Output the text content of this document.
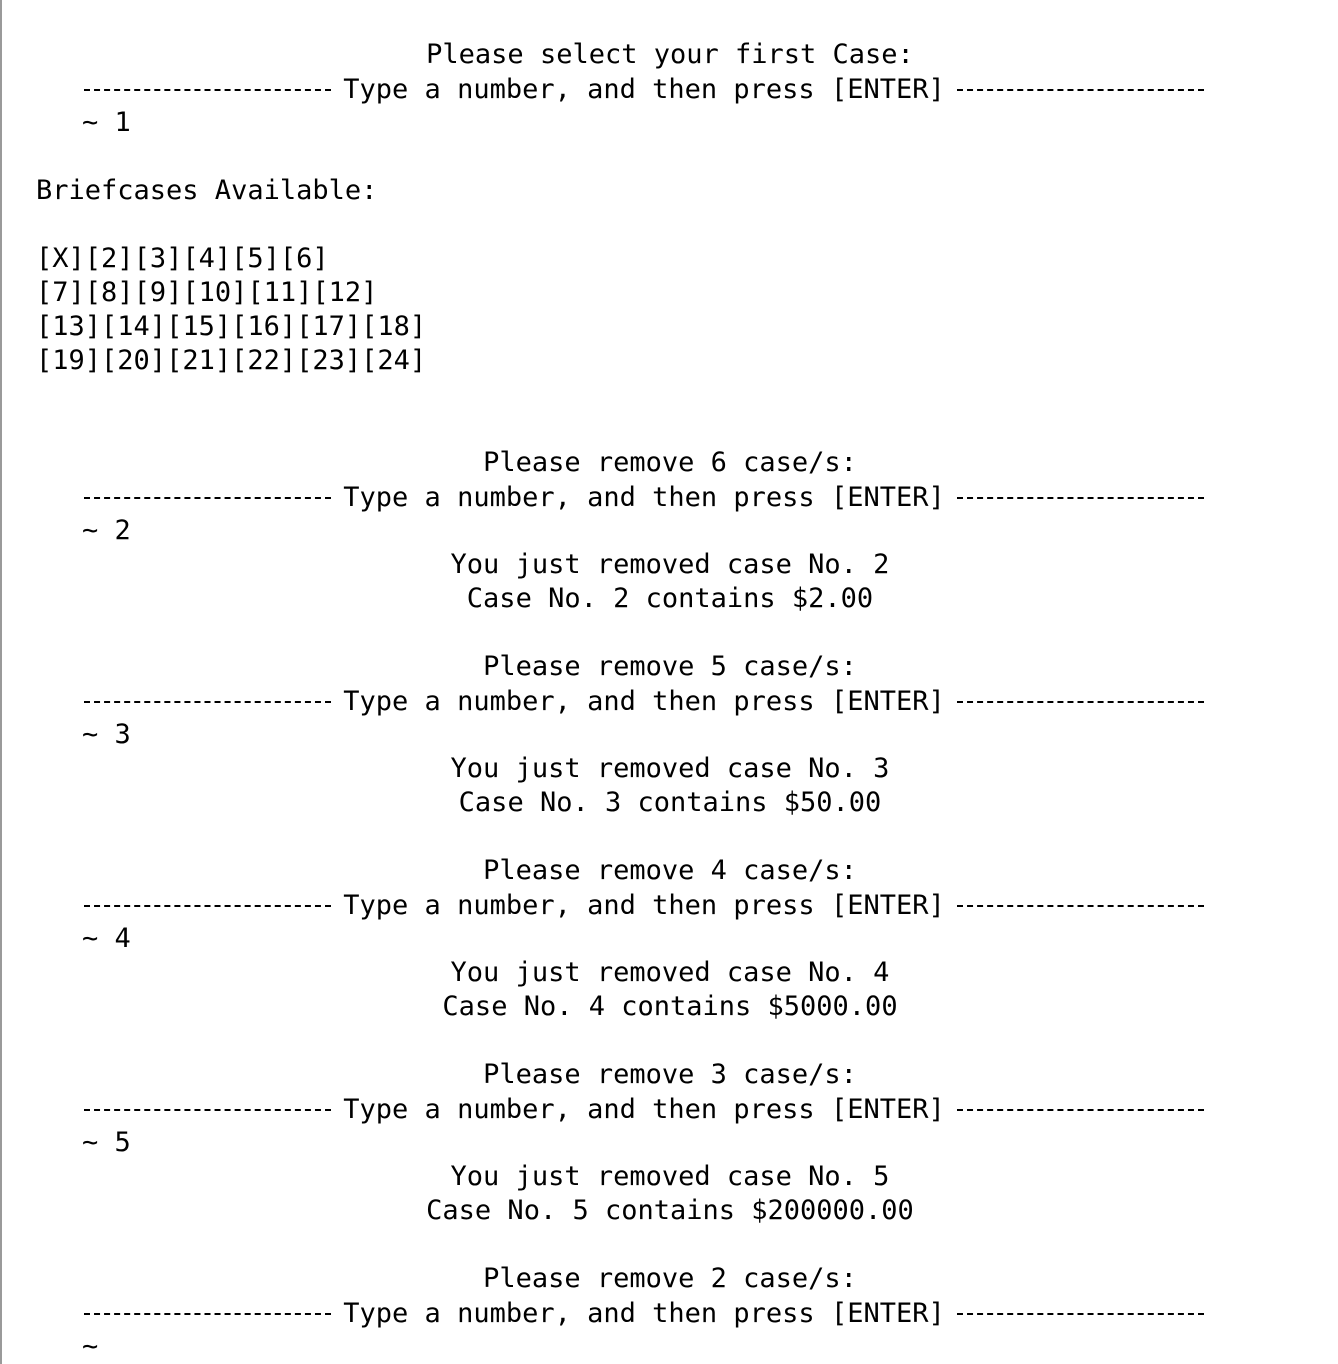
Please select your first Case:
Type a number, and then press [ENTER]
~ 1
Briefcases Available:
[X][2][3][4][5][6]
[7][8][9][10][11][12]
[13][14][15][16][17][18]
[19][20][21][22][23][24]
Please remove 6 case/s:
Type a number, and then press [ENTER]
~ 2
You just removed case No. 2
Case No. 2 contains $2.00
Please remove 5 case/s:
Type a number, and then press [ENTER]
~ 3
You just removed case No. 3
Case No. 3 contains $50.00
Please remove 4 case/s:
Type a number, and then press [ENTER]
~ 4
You just removed case No. 4
Case No. 4 contains $5000.00
Please remove 3 case/s:
Type a number, and then press [ENTER]
~ 5
You just removed case No. 5
Case No. 5 contains $200000.00
Please remove 2 case/s:
Type a number, and then press [ENTER]
~
